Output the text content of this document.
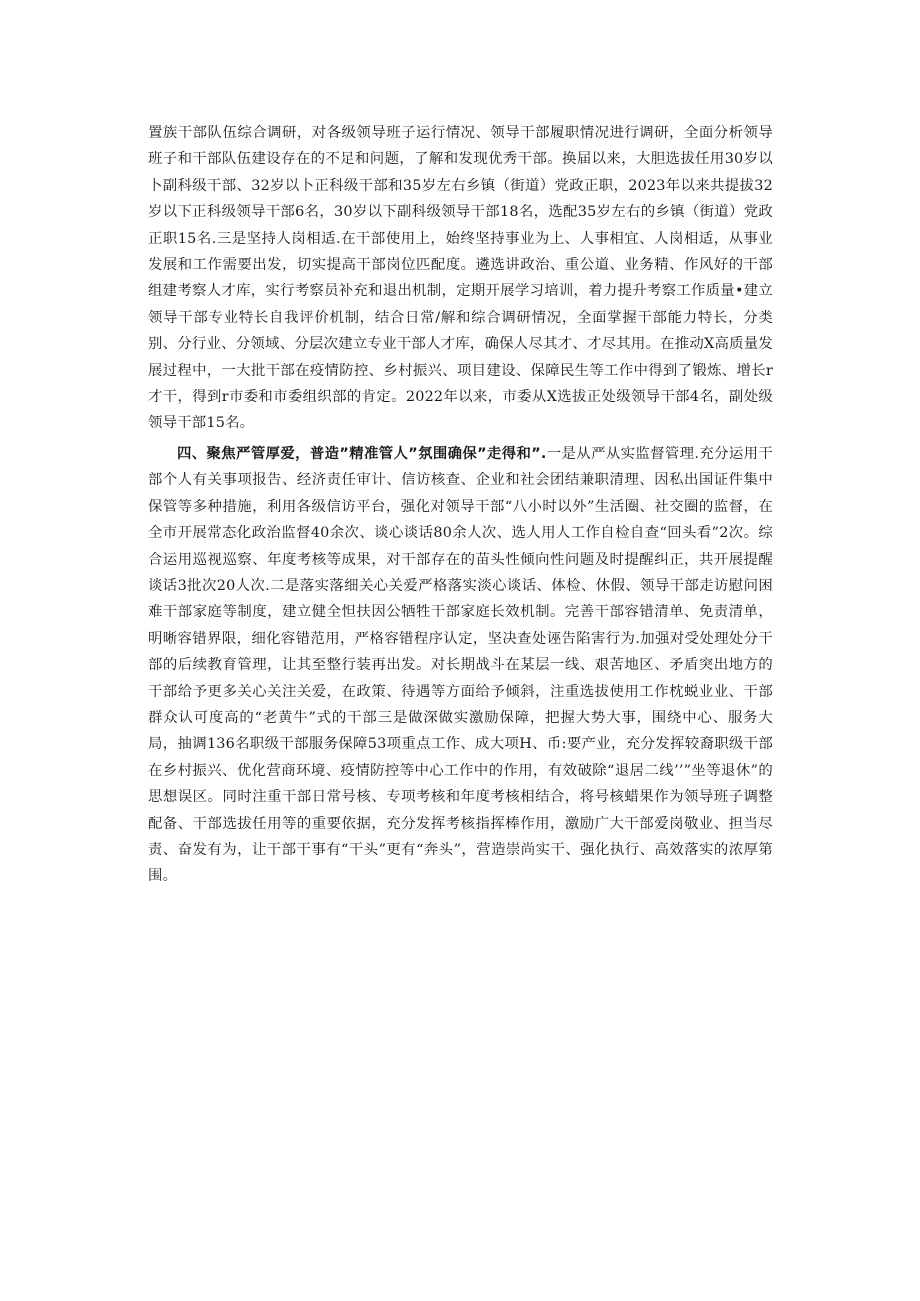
置族干部队伍综合调研，对各级领导班子运行情况、领导干部履职情况进行调研，全面分析领导班子和干部队伍建设存在的不足和问题，了解和发现优秀干部。换届以来，大胆选拔任用30岁以卜副科级干部、32岁以卜正科级干部和35岁左右乡镇（街道）党政正职，2023年以来共提拔32岁以下正科级领导干部6名，30岁以下副科级领导干部18名，选配35岁左右的乡镇（街道）党政正职15名.三是坚持人岗相适.在干部使用上，始终坚持事业为上、人事相宜、人岗相适，从事业发展和工作需要出发，切实提高干部岗位匹配度。遴选讲政治、重公道、业务精、作风好的干部组建考察人才库，实行考察员补充和退出机制，定期开展学习培训，着力提升考察工作质量•建立领导干部专业特长自我评价机制，结合日常/解和综合调研情况，全面掌握干部能力特长，分类别、分行业、分领域、分层次建立专业干部人才库，确保人尽其才、才尽其用。在推动X高质量发展过程中，一大批干部在疫情防控、乡村振兴、项目建设、保障民生等工作中得到了锻炼、增长r才干，得到r市委和市委组织部的肯定。2022年以来，市委从X选拔正处级领导干部4名，副处级领导干部15名。

四、聚焦严管厚爱，普造”精准管人”氛围确保”走得和”.一是从严从实监督管理.充分运用干部个人有关事项报告、经济责任审计、信访核查、企业和社会团结兼职清理、因私出国证件集中保管等多种措施，利用各级信访平台，强化对领导干部“八小时以外”生活圈、社交圈的监督，在全市开展常态化政治监督40余次、谈心谈话80余人次、选人用人工作自检自查“回头看”2次。综合运用巡视巡察、年度考核等成果，对干部存在的苗头性倾向性问题及时提醒纠正，共开展提醒谈话3批次20人次.二是落实落细关心关爱严格落实淡心谈话、体检、休假、领导干部走访慰问困难干部家庭等制度，建立健全怛扶因公牺牲干部家庭长效机制。完善干部容错清单、免责清单，明晰容错界限，细化容错范用，严格容错程序认定，坚决查处诬告陷害行为.加强对受处理处分干部的后续教育管理，让其至整行装再出发。对长期战斗在某层一线、艰苦地区、矛盾突出地方的干部给予更多关心关注关爱，在政策、待遇等方面给予倾斜，注重选拔使用工作枕蜕业业、干部群众认可度高的“老黄牛”式的干部三是做深做实激励保障，把握大势大事，围绕中心、服务大局，抽调136名职级干部服务保障53项重点工作、成大项H、币:要产业，充分发挥较裔职级干部在乡村振兴、优化营商环境、疫情防控等中心工作中的作用，有效破除“退居二线’’”坐等退休”的思想误区。同时注重干部日常号核、专项考核和年度考核相结合，将号核蜡果作为领导班子调整配备、干部选拔任用等的重要依据，充分发挥考核指挥棒作用，激励广大干部爱岗敬业、担当尽责、奋发有为，让干部干事有“干头”更有“奔头”，营造崇尚实干、强化执行、高效落实的浓厚第围。
